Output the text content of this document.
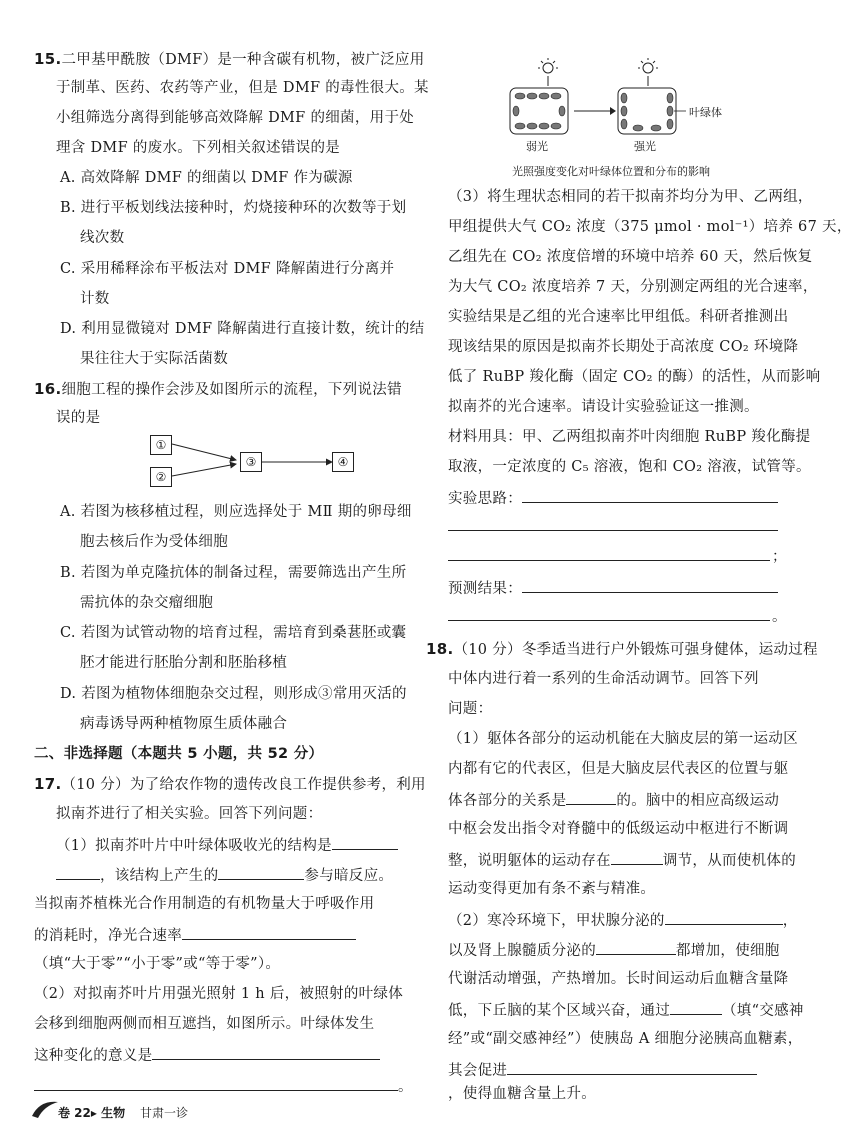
15.二甲基甲酰胺（DMF）是一种含碳有机物，被广泛应用
于制革、医药、农药等产业，但是 DMF 的毒性很大。某
小组筛选分离得到能够高效降解 DMF 的细菌，用于处
理含 DMF 的废水。下列相关叙述错误的是
A. 高效降解 DMF 的细菌以 DMF 作为碳源
B. 进行平板划线法接种时，灼烧接种环的次数等于划
线次数
C. 采用稀释涂布平板法对 DMF 降解菌进行分离并
计数
D. 利用显微镜对 DMF 降解菌进行直接计数，统计的结
果往往大于实际活菌数
16.细胞工程的操作会涉及如图所示的流程，下列说法错
误的是
①
②
③	④
A. 若图为核移植过程，则应选择处于 MⅡ 期的卵母细
胞去核后作为受体细胞
B. 若图为单克隆抗体的制备过程，需要筛选出产生所
需抗体的杂交瘤细胞
C. 若图为试管动物的培育过程，需培育到桑葚胚或囊
胚才能进行胚胎分割和胚胎移植
D. 若图为植物体细胞杂交过程，则形成③常用灭活的
病毒诱导两种植物原生质体融合
二、非选择题（本题共 5 小题，共 52 分）
17.（10 分）为了给农作物的遗传改良工作提供参考，利用
拟南芥进行了相关实验。回答下列问题：
（1）拟南芥叶片中叶绿体吸收光的结构是
，该结构上产生的	参与暗反应。
当拟南芥植株光合作用制造的有机物量大于呼吸作用
的消耗时，净光合速率
（填“大于零”“小于零”或“等于零”）。
（2）对拟南芥叶片用强光照射 1 h 后，被照射的叶绿体
会移到细胞两侧而相互遮挡，如图所示。叶绿体发生
这种变化的意义是
。
叶绿体
弱光	强光
光照强度变化对叶绿体位置和分布的影响
（3）将生理状态相同的若干拟南芥均分为甲、乙两组，
甲组提供大气 CO₂ 浓度（375 μmol · mol⁻¹）培养 67 天，
乙组先在 CO₂ 浓度倍增的环境中培养 60 天，然后恢复
为大气 CO₂ 浓度培养 7 天，分别测定两组的光合速率，
实验结果是乙组的光合速率比甲组低。科研者推测出
现该结果的原因是拟南芥长期处于高浓度 CO₂ 环境降
低了 RuBP 羧化酶（固定 CO₂ 的酶）的活性，从而影响
拟南芥的光合速率。请设计实验验证这一推测。
材料用具：甲、乙两组拟南芥叶肉细胞 RuBP 羧化酶提
取液，一定浓度的 C₅ 溶液，饱和 CO₂ 溶液，试管等。
实验思路：
；
预测结果：
。
18.（10 分）冬季适当进行户外锻炼可强身健体，运动过程
中体内进行着一系列的生命活动调节。回答下列
问题：
（1）躯体各部分的运动机能在大脑皮层的第一运动区
内都有它的代表区，但是大脑皮层代表区的位置与躯
体各部分的关系是	的。脑中的相应高级运动
中枢会发出指令对脊髓中的低级运动中枢进行不断调
整，说明躯体的运动存在	调节，从而使机体的
运动变得更加有条不紊与精准。
（2）寒冷环境下，甲状腺分泌的	，
以及肾上腺髓质分泌的	都增加，使细胞
代谢活动增强，产热增加。长时间运动后血糖含量降
低，下丘脑的某个区域兴奋，通过	（填“交感神
经”或“副交感神经”）使胰岛 A 细胞分泌胰高血糖素，
其会促进
，使得血糖含量上升。
卷 22▸ 生物 甘肃一诊
